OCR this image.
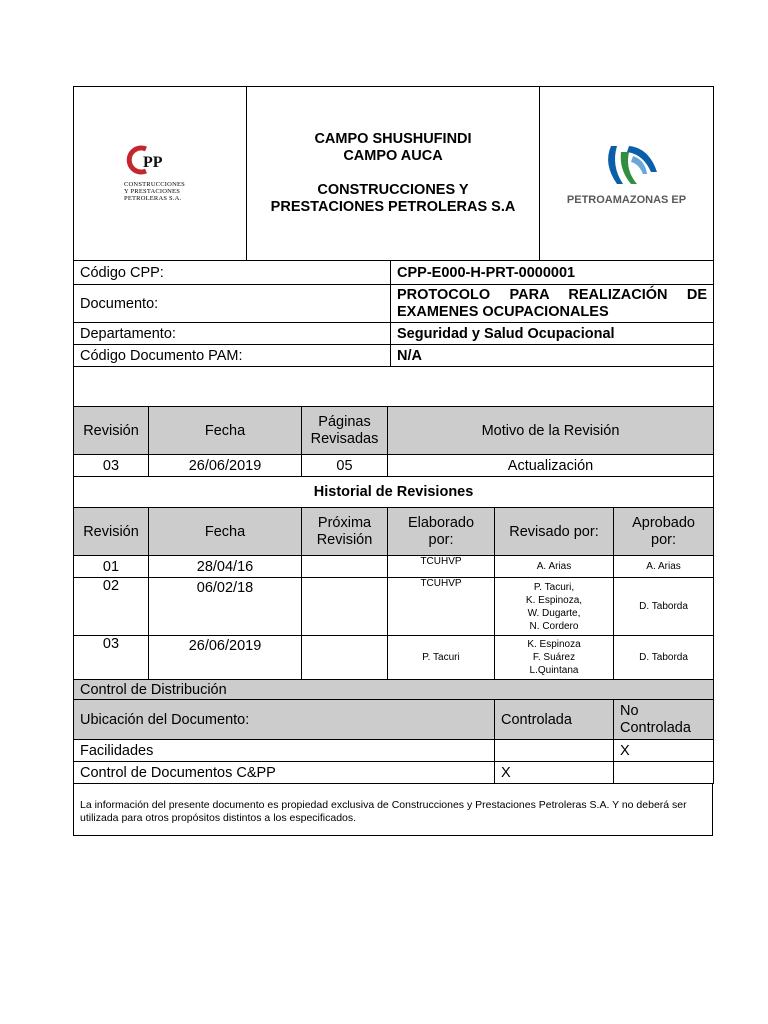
PP
CONSTRUCCIONES
Y PRESTACIONES
PETROLERAS S.A.

CAMPO SHUSHUFINDI

CAMPO AUCA

CONSTRUCCIONES Y

PRESTACIONES PETROLERAS S.A	PETROAMAZONAS EP
Código CPP:	CPP-E000-H-PRT-0000001
Documento:	PROTOCOLO PARA REALIZACIÓN DE EXAMENES OCUPACIONALES
Departamento:	Seguridad y Salud Ocupacional
Código Documento PAM:	N/A

Revisión	Fecha	Páginas Revisadas	Motivo de la Revisión
03	26/06/2019	05	Actualización
Historial de Revisiones					
Revisión	Fecha	Próxima Revisión	Elaborado por:	Revisado por:	Aprobado por:
01	28/04/16		TCUHVP	A. Arias	A. Arias
02	06/02/18		TCUHVP	P. Tacuri,
K. Espinoza,
W. Dugarte,
N. Cordero	D. Taborda
03	26/06/2019		P. Tacuri	K. Espinoza
F. Suárez
L.Quintana	D. Taborda
Control de Distribución		
Ubicación del Documento:	Controlada	No Controlada
Facilidades		X
Control de Documentos C&PP	X	
La información del presente documento es propiedad exclusiva de Construcciones y Prestaciones Petroleras S.A. Y no deberá ser utilizada para otros propósitos distintos a los especificados.
